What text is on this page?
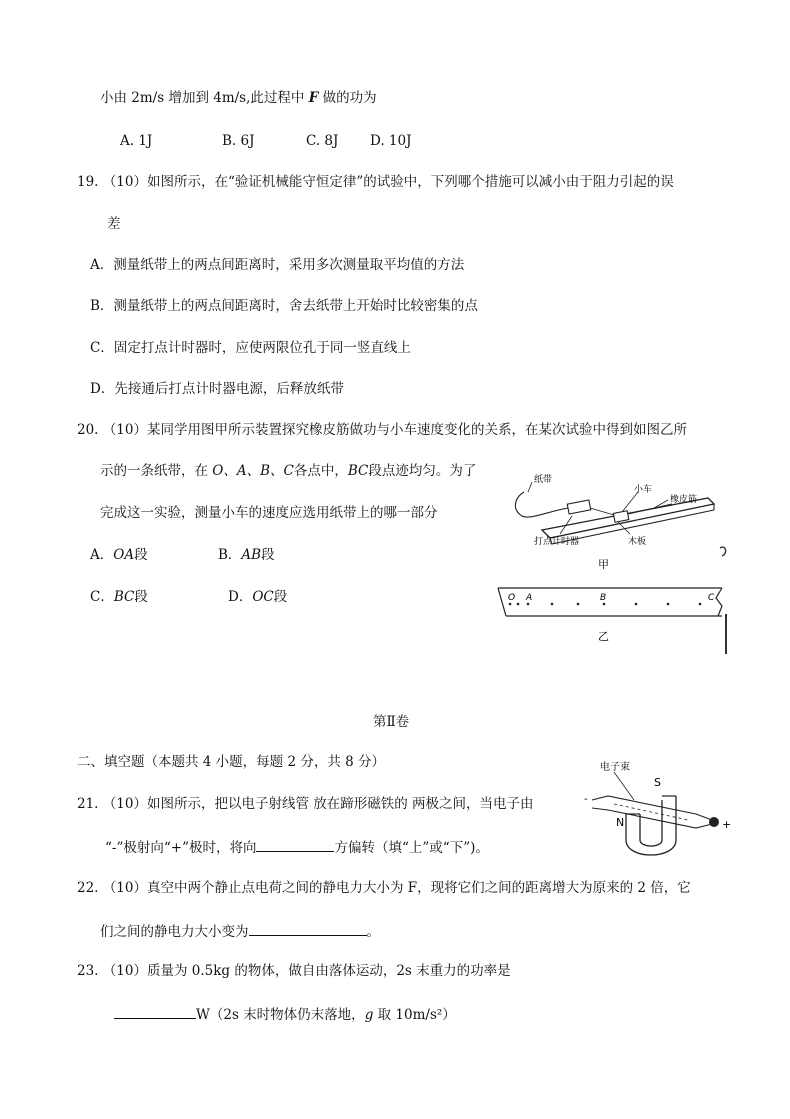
小由 2m/s 增加到 4m/s,此过程中 F 做的功为
A. 1J	B. 6J	C. 8J D. 10J
19. （10）如图所示，在“验证机械能守恒定律”的试验中，下列哪个措施可以减小由于阻力引起的误
差
A．测量纸带上的两点间距离时，采用多次测量取平均值的方法
B．测量纸带上的两点间距离时，舍去纸带上开始时比较密集的点
C．固定打点计时器时，应使两限位孔于同一竖直线上
D．先接通后打点计时器电源，后释放纸带
20. （10）某同学用图甲所示装置探究橡皮筋做功与小车速度变化的关系，在某次试验中得到如图乙所
示的一条纸带，在 O、A、B、C各点中，BC段点迹均匀。为了
完成这一实验，测量小车的速度应选用纸带上的哪一部分
A．OA段	B．AB段
C．BC段	D．OC段
纸带
小车
橡皮筋
打点计时器	木板
甲
O A	B	C
乙
第Ⅱ卷
二、填空题（本题共 4 小题，每题 2 分，共 8 分）
21. （10）如图所示，把以电子射线管 放在蹄形磁铁的 两极之间，当电子由
“-”极射向“+”极时，将向	方偏转（填“上”或“下”)。
电子束
S
N
-
+
22. （10）真空中两个静止点电荷之间的静电力大小为 F，现将它们之间的距离增大为原来的 2 倍，它
们之间的静电力大小变为	。
23. （10）质量为 0.5kg 的物体，做自由落体运动，2s 末重力的功率是
W（2s 末时物体仍末落地，g 取 10m/s²）
